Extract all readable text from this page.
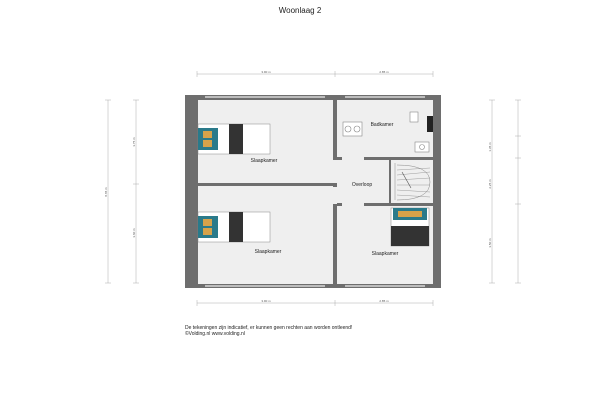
Woonlaag 2
Slaapkamer
Slaapkamer	Slaapkamer
Badkamer
Overloop
3.90 m	2.85 m
3.90 m	2.85 m
8.65 m
3.75 m
3.60 m
1.35 m
2.25 m
3.50 m
De tekeningen zijn indicatief, er kunnen geen rechten aan worden ontleend!
©Volding.nl www.volding.nl
